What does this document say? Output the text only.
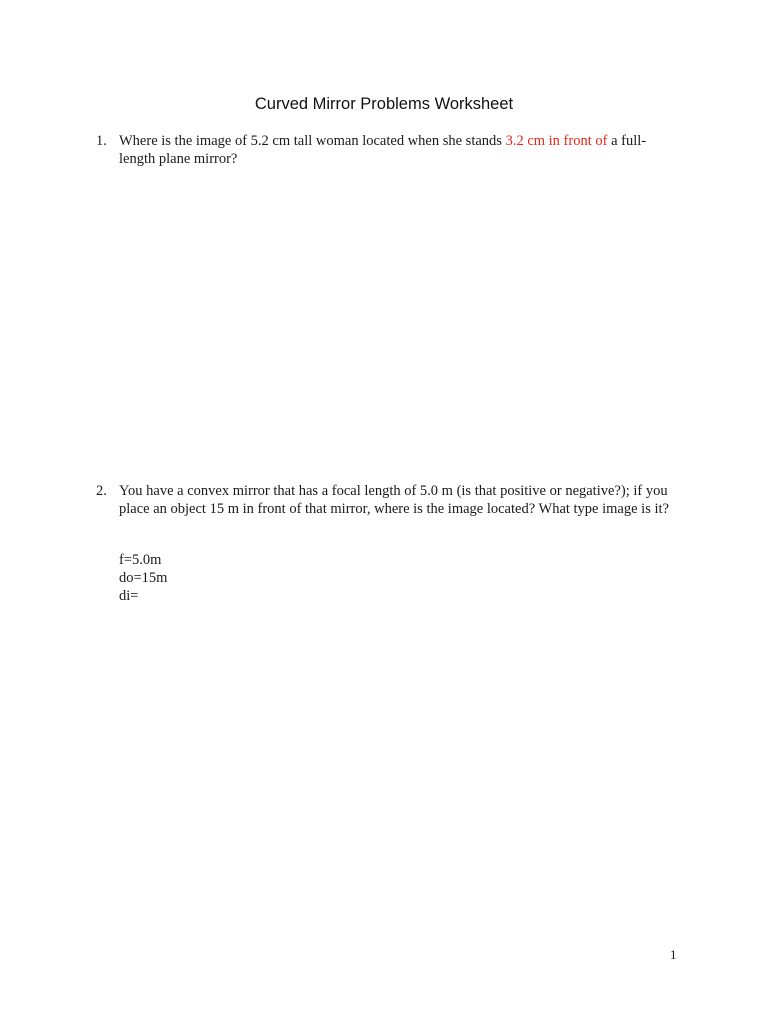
Curved Mirror Problems Worksheet
1. Where is the image of 5.2 cm tall woman located when she stands 3.2 cm in front of a full-length plane mirror?
2. You have a convex mirror that has a focal length of 5.0 m (is that positive or negative?); if you place an object 15 m in front of that mirror, where is the image located? What type image is it?
f=5.0m
do=15m
di=
1
